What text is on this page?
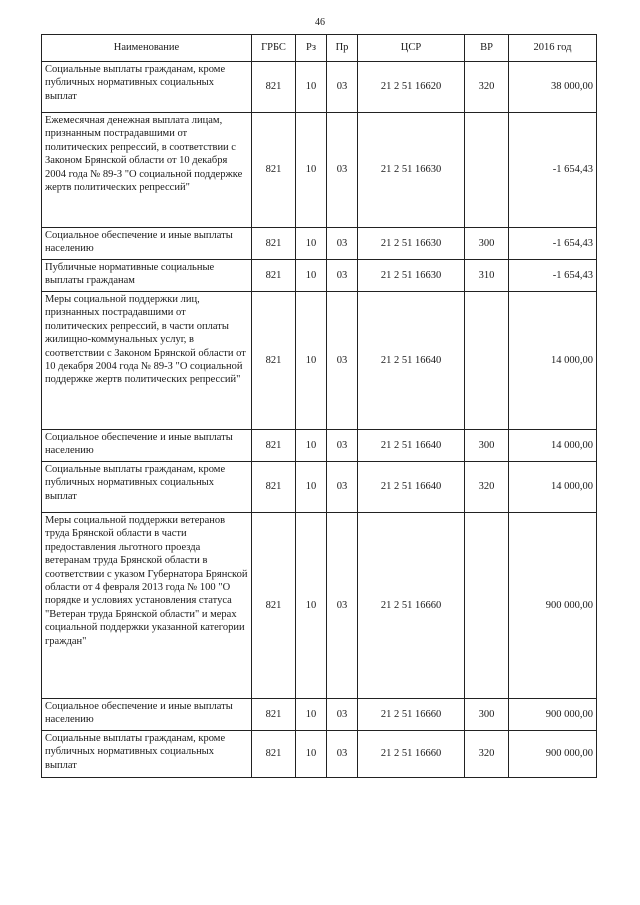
46
Наименование	ГРБС	Рз	Пр	ЦСР	ВР	2016 год
Социальные выплаты гражданам, кроме публичных нормативных социальных выплат	821	10	03	21 2 51 16620	320	38 000,00
Ежемесячная денежная выплата лицам, признанным пострадавшими от политических репрессий, в соответствии с Законом Брянской области от 10 декабря 2004 года № 89-З "О социальной поддержке жертв политических репрессий"	821	10	03	21 2 51 16630		-1 654,43
Социальное обеспечение и иные выплаты населению	821	10	03	21 2 51 16630	300	-1 654,43
Публичные нормативные социальные выплаты гражданам	821	10	03	21 2 51 16630	310	-1 654,43
Меры социальной поддержки лиц, признанных пострадавшими от политических репрессий, в части оплаты жилищно-коммунальных услуг, в соответствии с Законом Брянской области от 10 декабря 2004 года № 89-З "О социальной поддержке жертв политических репрессий"	821	10	03	21 2 51 16640		14 000,00
Социальное обеспечение и иные выплаты населению	821	10	03	21 2 51 16640	300	14 000,00
Социальные выплаты гражданам, кроме публичных нормативных социальных выплат	821	10	03	21 2 51 16640	320	14 000,00
Меры социальной поддержки ветеранов труда Брянской области в части предоставления льготного проезда ветеранам труда Брянской области в соответствии с указом Губернатора Брянской области от 4 февраля 2013 года № 100 "О порядке и условиях установления статуса "Ветеран труда Брянской области" и мерах социальной поддержки указанной категории граждан"	821	10	03	21 2 51 16660		900 000,00
Социальное обеспечение и иные выплаты населению	821	10	03	21 2 51 16660	300	900 000,00
Социальные выплаты гражданам, кроме публичных нормативных социальных выплат	821	10	03	21 2 51 16660	320	900 000,00
